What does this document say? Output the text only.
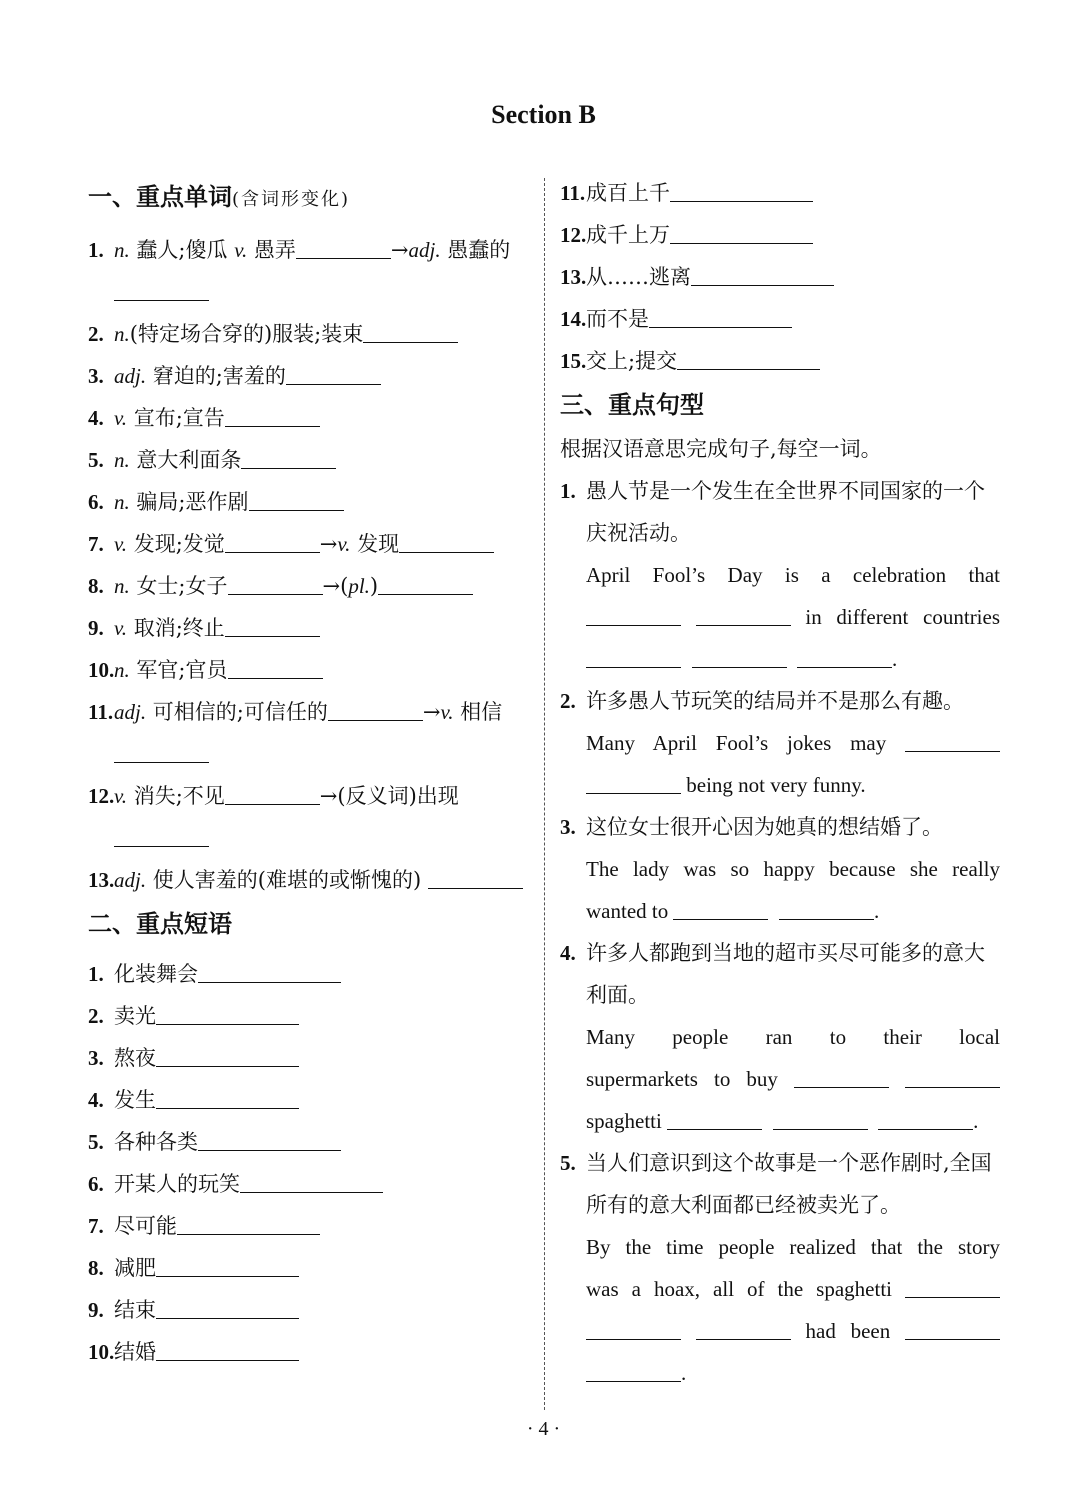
Section B
一、重点单词(含词形变化)
1. n. 蠢人;傻瓜 v. 愚弄	→adj. 愚蠢的
2. n.(特定场合穿的)服装;装束
3. adj. 窘迫的;害羞的
4. v. 宣布;宣告
5. n. 意大利面条
6. n. 骗局;恶作剧
7. v. 发现;发觉	→v. 发现
8. n. 女士;女子	→(pl.)
9. v. 取消;终止
10. n. 军官;官员
11. adj. 可相信的;可信任的	→v. 相信
12. v. 消失;不见	→(反义词)出现
13. adj. 使人害羞的(难堪的或惭愧的)
二、重点短语
1. 化装舞会
2. 卖光
3. 熬夜
4. 发生
5. 各种各类
6. 开某人的玩笑
7. 尽可能
8. 减肥
9. 结束
10. 结婚
11. 成百上千
12. 成千上万
13. 从……逃离
14. 而不是
15. 交上;提交
三、重点句型
根据汉语意思完成句子,每空一词。
1. 愚人节是一个发生在全世界不同国家的一个庆祝活动。
April Fool’s Day is a celebration that
in different countries
.
2. 许多愚人节玩笑的结局并不是那么有趣。
Many April Fool’s jokes may
being not very funny.
3. 这位女士很开心因为她真的想结婚了。
The lady was so happy because she really
wanted to	.
4. 许多人都跑到当地的超市买尽可能多的意大利面。
Many people ran to their local
supermarkets to buy
spaghetti	.
5. 当人们意识到这个故事是一个恶作剧时,全国所有的意大利面都已经被卖光了。
By the time people realized that the story
was a hoax, all of the spaghetti
had been
.
· 4 ·
